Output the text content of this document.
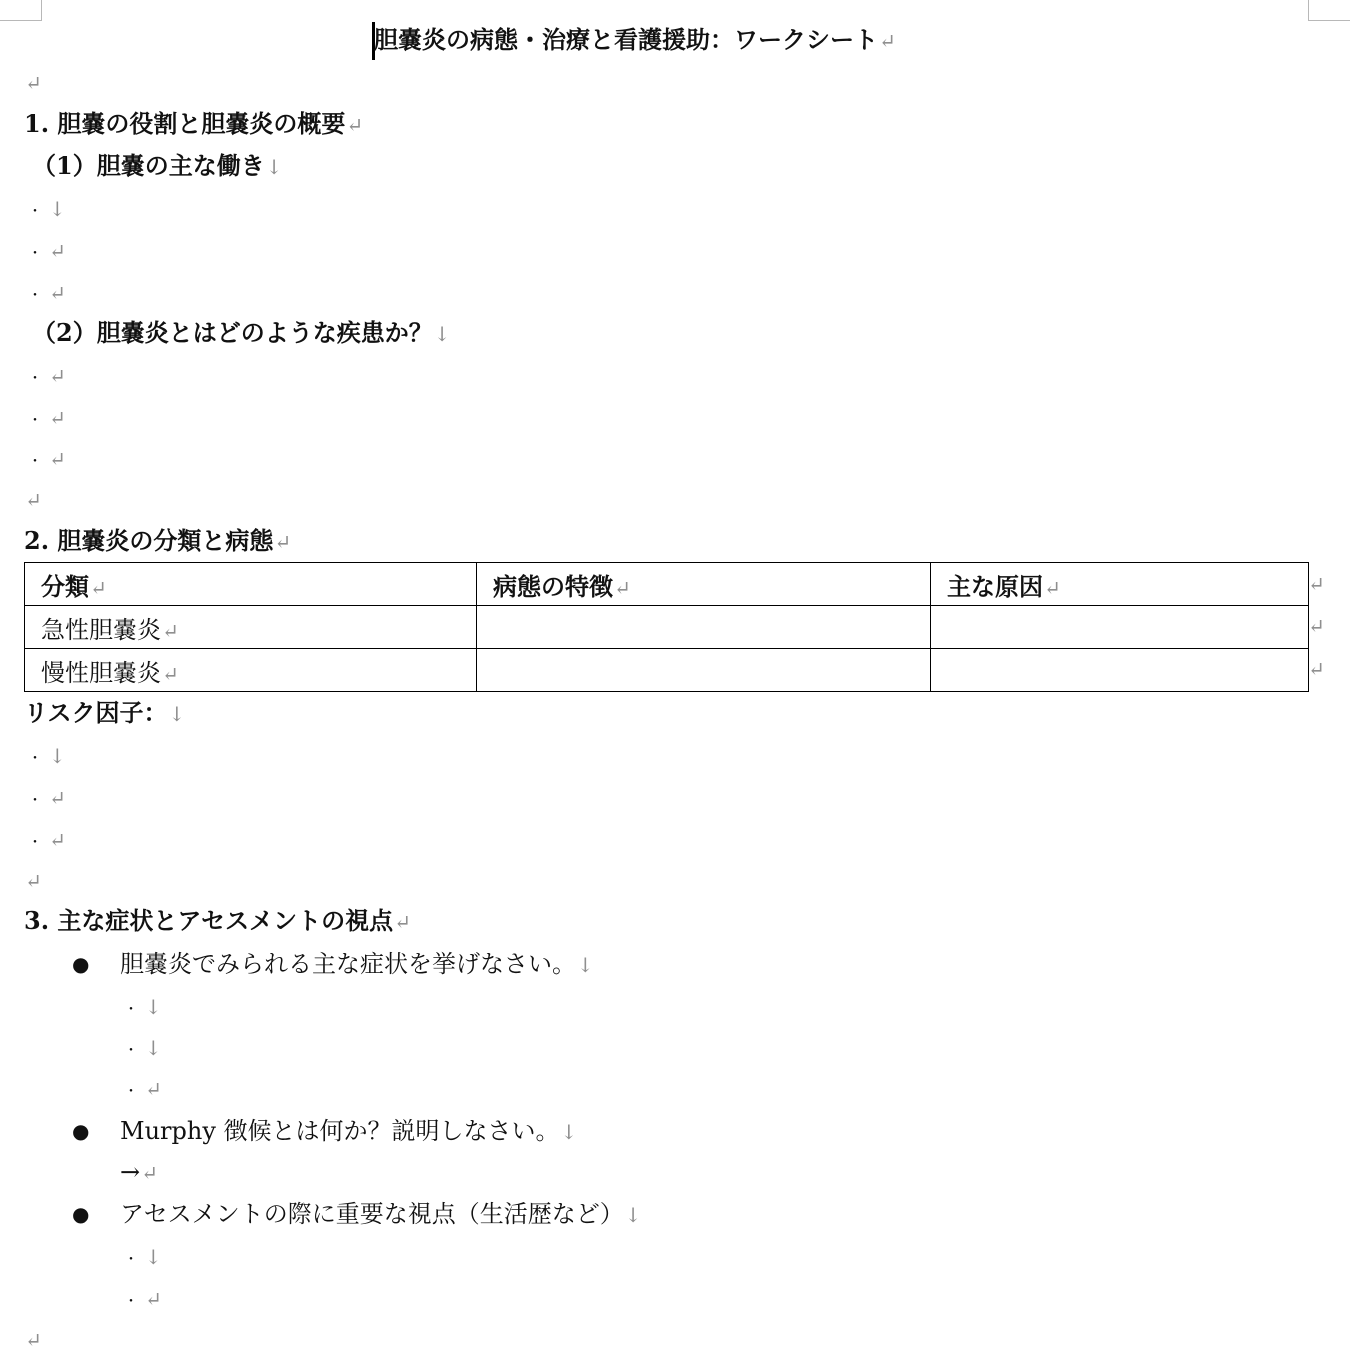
胆嚢炎の病態・治療と看護援助：ワークシート↵
↵
1. 胆嚢の役割と胆嚢炎の概要↵
（1）胆嚢の主な働き↓
・ ↓
・ ↵
・ ↵
（2）胆嚢炎とはどのような疾患か？↓
・ ↵
・ ↵
・ ↵
↵
2. 胆嚢炎の分類と病態↵
分類↵	病態の特徴↵	主な原因↵
急性胆嚢炎↵		
慢性胆嚢炎↵		
↵
↵
↵
リスク因子：↓
・ ↓
・ ↵
・ ↵
↵
3. 主な症状とアセスメントの視点↵
● 胆嚢炎でみられる主な症状を挙げなさい。↓
・ ↓
・ ↓
・ ↵
● Murphy 徴候とは何か？説明しなさい。↓
→↵
● アセスメントの際に重要な視点（生活歴など）↓
・ ↓
・ ↵
↵
